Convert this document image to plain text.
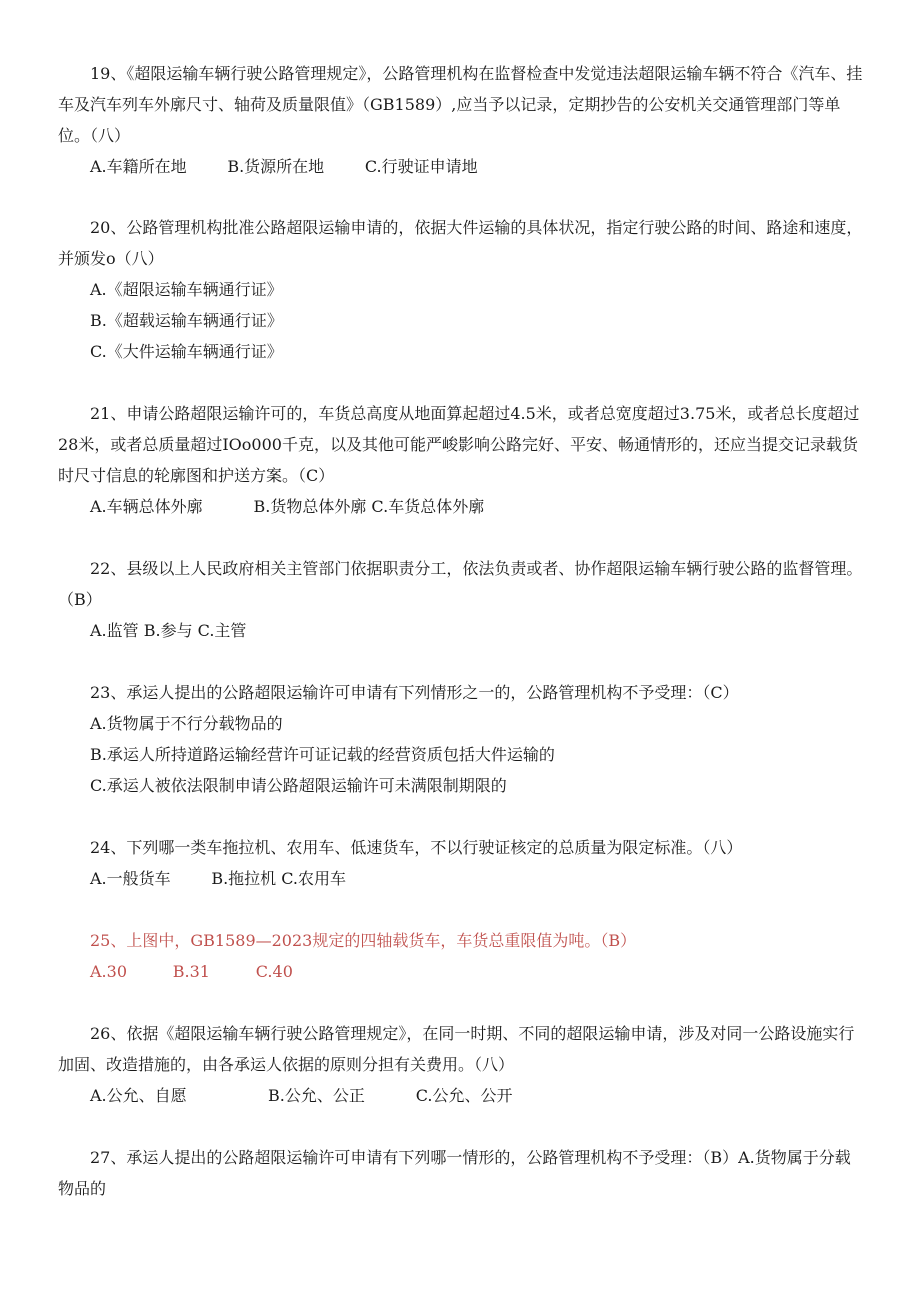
19、《超限运输车辆行驶公路管理规定》，公路管理机构在监督检查中发觉违法超限运输车辆不符合《汽车、挂车及汽车列车外廓尺寸、轴荷及质量限值》（GB1589）,应当予以记录，定期抄告的公安机关交通管理部门等单位。（八）
A.车籍所在地        B.货源所在地        C.行驶证申请地
20、公路管理机构批准公路超限运输申请的，依据大件运输的具体状况，指定行驶公路的时间、路途和速度，并颁发o（八）
A.《超限运输车辆通行证》
B.《超载运输车辆通行证》
C.《大件运输车辆通行证》
21、申请公路超限运输许可的，车货总高度从地面算起超过4.5米，或者总宽度超过3.75米，或者总长度超过28米，或者总质量超过IOo000千克，以及其他可能严峻影响公路完好、平安、畅通情形的，还应当提交记录载货时尺寸信息的轮廓图和护送方案。（C）
A.车辆总体外廓          B.货物总体外廓 C.车货总体外廓
22、县级以上人民政府相关主管部门依据职责分工，依法负责或者、协作超限运输车辆行驶公路的监督管理。（B）
A.监管 B.参与 C.主管
23、承运人提出的公路超限运输许可申请有下列情形之一的，公路管理机构不予受理：（C）
A.货物属于不行分载物品的
B.承运人所持道路运输经营许可证记载的经营资质包括大件运输的
C.承运人被依法限制申请公路超限运输许可未满限制期限的
24、下列哪一类车拖拉机、农用车、低速货车，不以行驶证核定的总质量为限定标准。（八）
A.一般货车        B.拖拉机 C.农用车
25、上图中，GB1589—2023规定的四轴载货车，车货总重限值为吨。（B）
A.30         B.31         C.40
26、依据《超限运输车辆行驶公路管理规定》，在同一时期、不同的超限运输申请，涉及对同一公路设施实行加固、改造措施的，由各承运人依据的原则分担有关费用。（八）
A.公允、自愿                B.公允、公正          C.公允、公开
27、承运人提出的公路超限运输许可申请有下列哪一情形的，公路管理机构不予受理：（B）A.货物属于分载物品的
